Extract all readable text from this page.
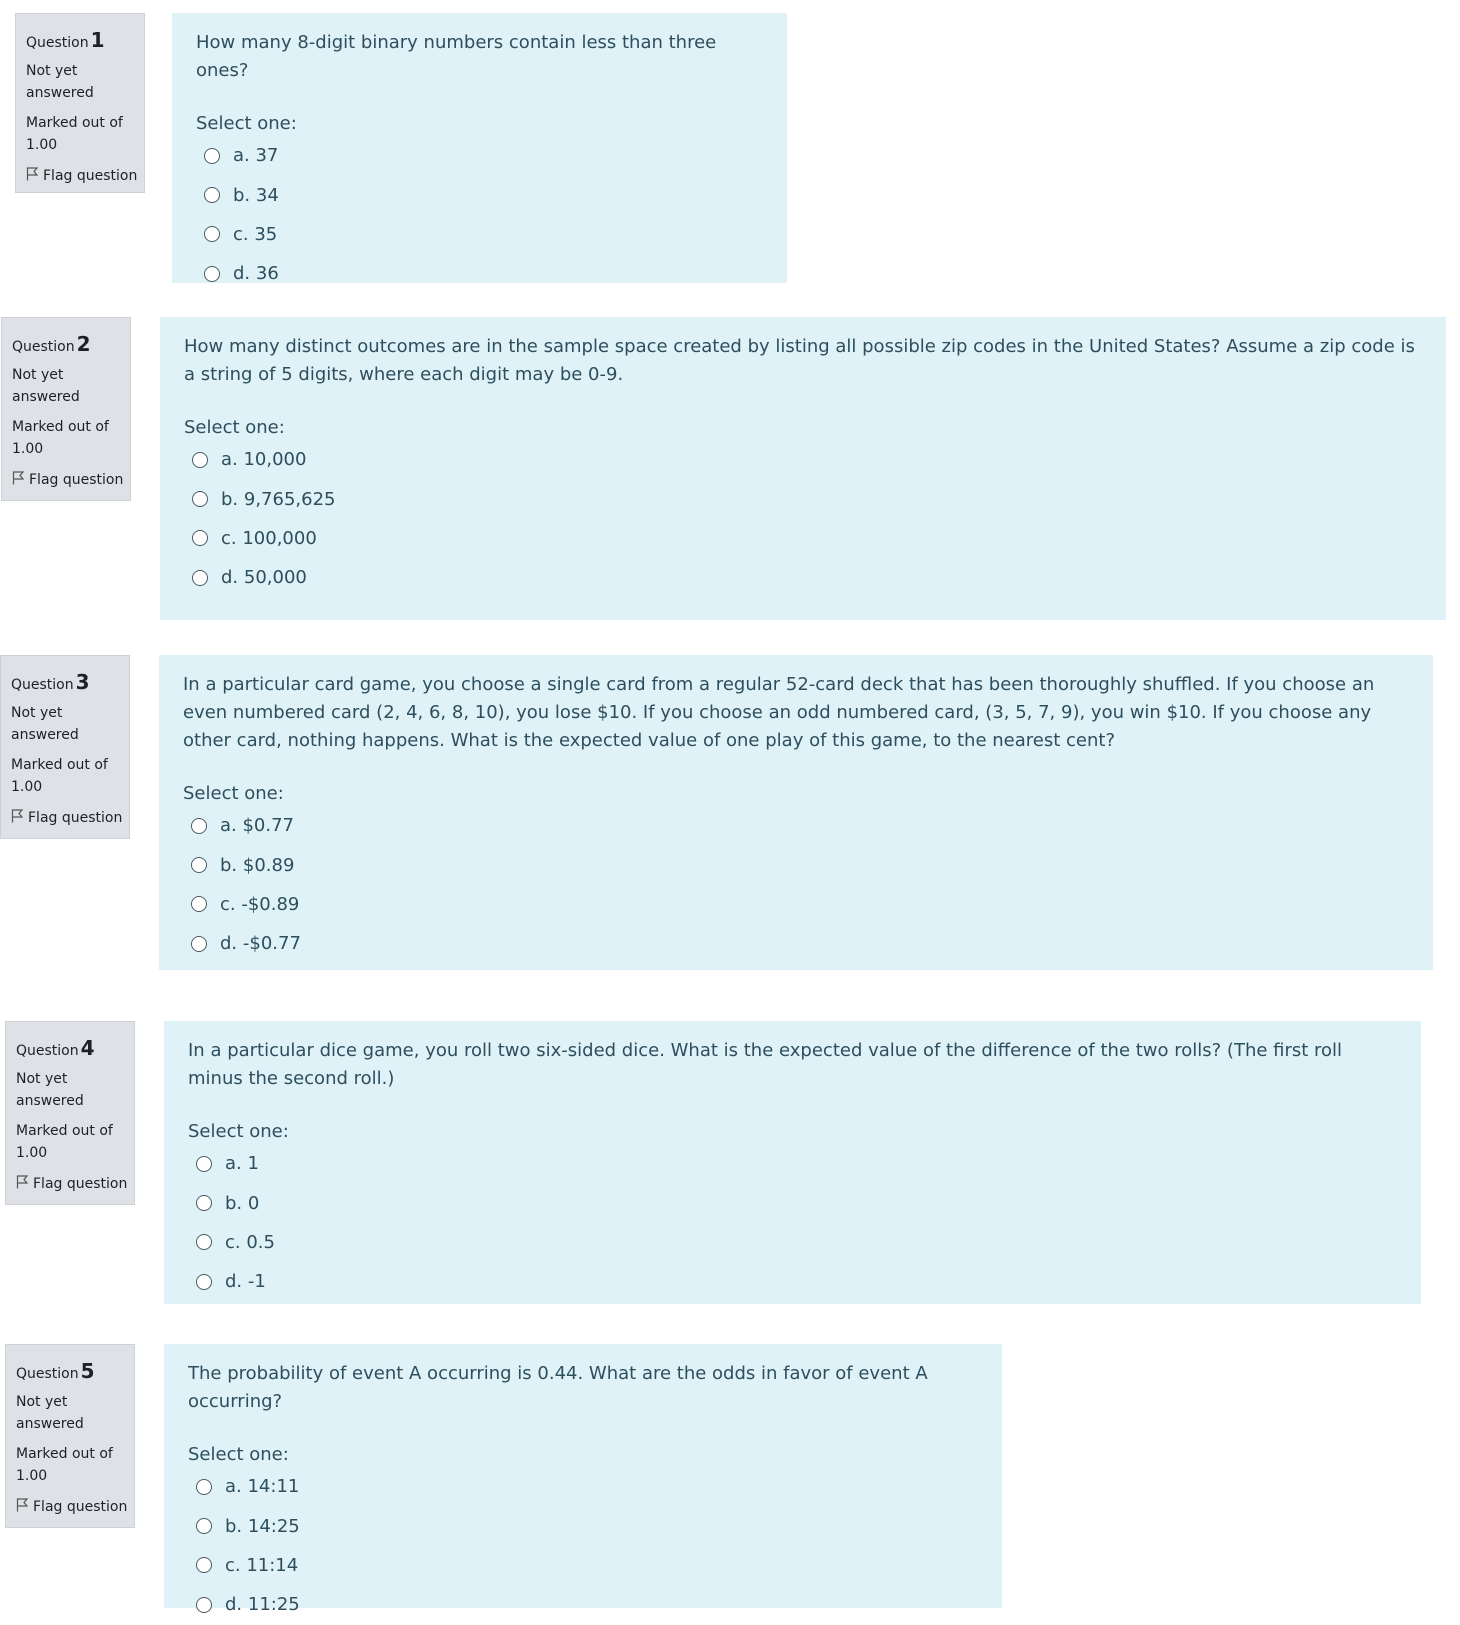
Question 1
Not yet answered
Marked out of 1.00
Flag question
How many 8-digit binary numbers contain less than three ones?
Select one:
a. 37
b. 34
c. 35
d. 36
Question 2
Not yet answered
Marked out of 1.00
Flag question
How many distinct outcomes are in the sample space created by listing all possible zip codes in the United States? Assume a zip code is a string of 5 digits, where each digit may be 0-9.
Select one:
a. 10,000
b. 9,765,625
c. 100,000
d. 50,000
Question 3
Not yet answered
Marked out of 1.00
Flag question
In a particular card game, you choose a single card from a regular 52-card deck that has been thoroughly shuffled. If you choose an even numbered card (2, 4, 6, 8, 10), you lose $10. If you choose an odd numbered card, (3, 5, 7, 9), you win $10. If you choose any other card, nothing happens. What is the expected value of one play of this game, to the nearest cent?
Select one:
a. $0.77
b. $0.89
c. -$0.89
d. -$0.77
Question 4
Not yet answered
Marked out of 1.00
Flag question
In a particular dice game, you roll two six-sided dice. What is the expected value of the difference of the two rolls? (The first roll minus the second roll.)
Select one:
a. 1
b. 0
c. 0.5
d. -1
Question 5
Not yet answered
Marked out of 1.00
Flag question
The probability of event A occurring is 0.44. What are the odds in favor of event A occurring?
Select one:
a. 14:11
b. 14:25
c. 11:14
d. 11:25
